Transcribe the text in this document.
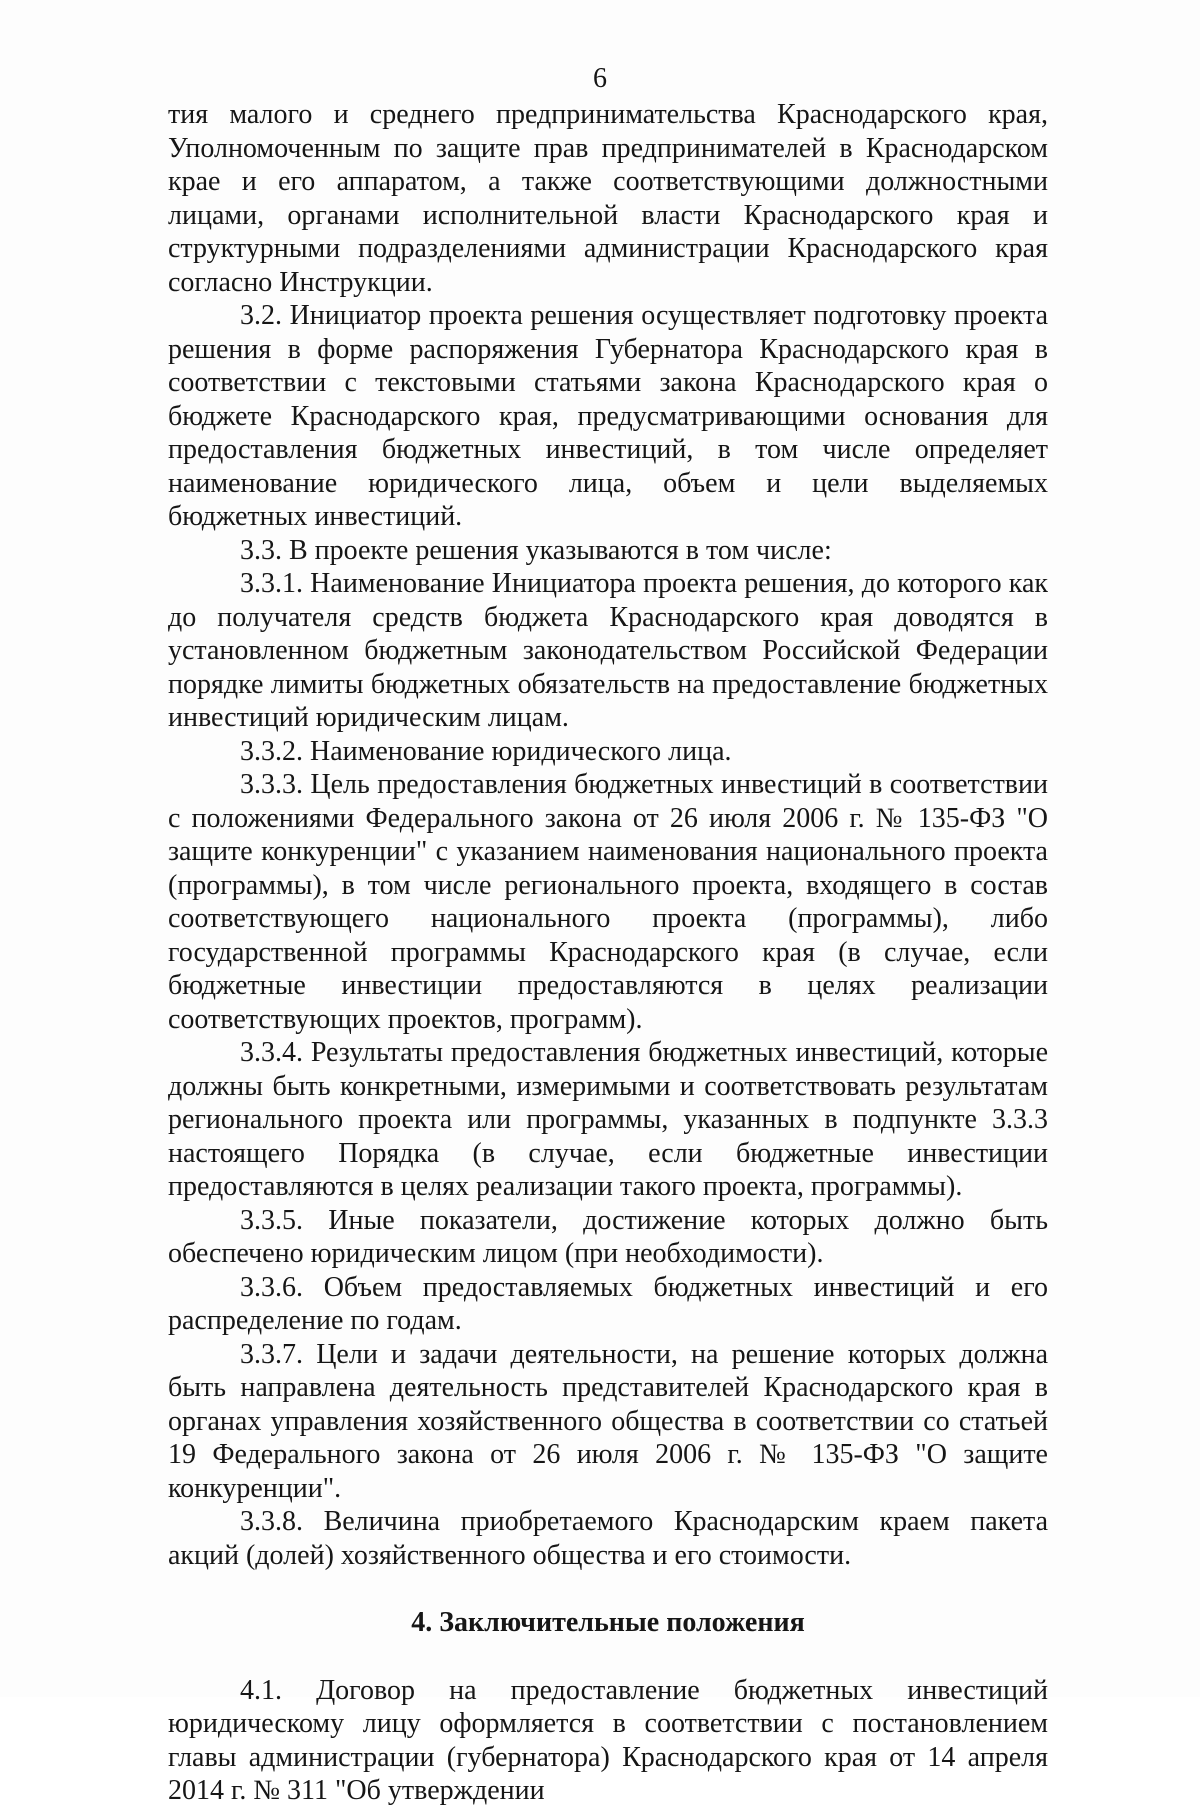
6

тия малого и среднего предпринимательства Краснодарского края, Уполномоченным по защите прав предпринимателей в Краснодарском крае и его аппаратом, а также соответствующими должностными лицами, органами исполнительной власти Краснодарского края и структурными подразделениями администрации Краснодарского края согласно Инструкции.

3.2. Инициатор проекта решения осуществляет подготовку проекта решения в форме распоряжения Губернатора Краснодарского края в соответствии с текстовыми статьями закона Краснодарского края о бюджете Краснодарского края, предусматривающими основания для предоставления бюджетных инвестиций, в том числе определяет наименование юридического лица, объем и цели выделяемых бюджетных инвестиций.

3.3. В проекте решения указываются в том числе:

3.3.1. Наименование Инициатора проекта решения, до которого как до получателя средств бюджета Краснодарского края доводятся в установленном бюджетным законодательством Российской Федерации порядке лимиты бюджетных обязательств на предоставление бюджетных инвестиций юридическим лицам.

3.3.2. Наименование юридического лица.

3.3.3. Цель предоставления бюджетных инвестиций в соответствии с положениями Федерального закона от 26 июля 2006 г. № 135-ФЗ "О защите конкуренции" с указанием наименования национального проекта (программы), в том числе регионального проекта, входящего в состав соответствующего национального проекта (программы), либо государственной программы Краснодарского края (в случае, если бюджетные инвестиции предоставляются в целях реализации соответствующих проектов, программ).

3.3.4. Результаты предоставления бюджетных инвестиций, которые должны быть конкретными, измеримыми и соответствовать результатам регионального проекта или программы, указанных в подпункте 3.3.3 настоящего Порядка (в случае, если бюджетные инвестиции предоставляются в целях реализации такого проекта, программы).

3.3.5. Иные показатели, достижение которых должно быть обеспечено юридическим лицом (при необходимости).

3.3.6. Объем предоставляемых бюджетных инвестиций и его распределение по годам.

3.3.7. Цели и задачи деятельности, на решение которых должна быть направлена деятельность представителей Краснодарского края в органах управления хозяйственного общества в соответствии со статьей 19 Федерального закона от 26 июля 2006 г. № 135-ФЗ "О защите конкуренции".

3.3.8. Величина приобретаемого Краснодарским краем пакета акций (долей) хозяйственного общества и его стоимости.

4. Заключительные положения

4.1. Договор на предоставление бюджетных инвестиций юридическому лицу оформляется в соответствии с постановлением главы администрации (губернатора) Краснодарского края от 14 апреля 2014 г. № 311 "Об утверждении
